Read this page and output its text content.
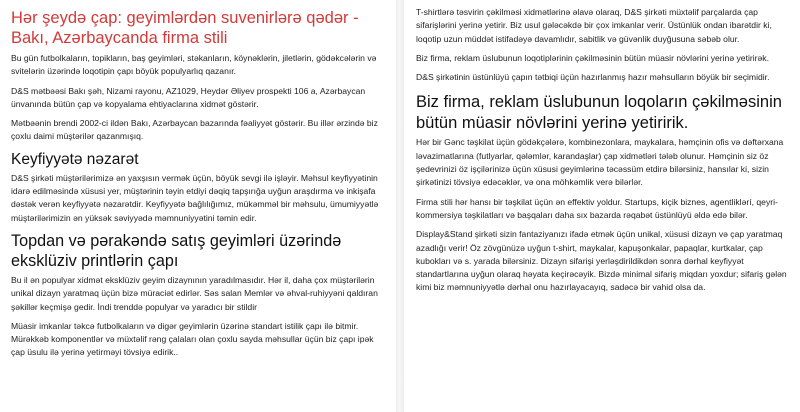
Hər şeydə çap: geyimlərdən suvenirlərə qədər - Bakı, Azərbaycanda firma stili

Bu gün futbolkaların, topikların, baş geyimləri, stəkanların, köynəklərin, jiletlərin, gödəkcələrin və svitelərin üzərində loqotipin çapı böyük populyarlıq qazanır.

D&S mətbəəsi Bakı şəh, Nizami rayonu, AZ1029, Heydər Əliyev prospekti 106 a, Azərbaycan ünvanında bütün çap və kopyalama ehtiyaclarına xidmət göstərir.

Mətbəənin brendi 2002-ci ildən Bakı, Azərbaycan bazarında fəaliyyət göstərir. Bu illər ərzində biz çoxlu daimi müştərilər qazanmışıq.

Keyfiyyətə nəzarət

D&S şirkəti müştərilərimizə ən yaxşısın vermək üçün, böyük sevgi ilə işləyir. Məhsul keyfiyyətinin idarə edilməsində xüsusi yer, müştərinin təyin etdiyi dəqiq tapşırığa uyğun araşdırma və inkişafa dəstək verən keyfiyyətə nəzarətdir. Keyfiyyətə bağlılığımız, mükəmməl bir məhsulu, ümumiyyətlə müştərilərimizin ən yüksək səviyyədə məmnuniyyətini təmin edir.

Topdan və pərakəndə satış geyimləri üzərində eksklüziv printlərin çapı

Bu il ən populyar xidmət eksklüziv geyim dizaynının yaradılmasıdır. Hər il, daha çox müştərilərin unikal dizayn yaratmaq üçün bizə müraciət edirlər. Səs salan Memlər və əhval-ruhiyyəni qaldıran şəkillər keçmişə gedir. İndi trenddə populyar və yaradıcı bir stildir

Müasir imkanlar təkcə futbolkaların və digər geyimlərin üzərinə standart istilik çapı ilə bitmir. Mürəkkəb komponentlər və müxtəlif rəng çalaları olan çoxlu sayda məhsullar üçün biz çapı ipək çap üsulu ilə yerinə yetirməyi tövsiyə edirik..

T-shirtlərə təsvirin çəkilməsi xidmətlərinə əlavə olaraq, D&S şirkəti müxtəlif parçalarda çap sifarişlərini yerinə yetirir. Biz usul gələcəkdə bir çox imkanlar verir. Üstünlük ondan ibarətdir ki, loqotip uzun müddət istifadəyə davamlıdır, sabitlik və güvənlik duyğusuna səbəb olur.

Biz firma, reklam üslubunun loqotiplərinin çəkilməsinin bütün müasir növlərini yerinə yetirirək.

D&S şirkətinin üstünlüyü çapın tətbiqi üçün hazırlanmış hazır məhsulların böyük bir seçimidir.

Biz firma, reklam üslubunun loqoların çəkilməsinin bütün müasir növlərini yerinə yetiririk.

Hər bir Gənc təşkilat üçün gödəkçələrə, kombinezonlara, maykalara, həmçinin ofis və dəftərxana ləvazimatlarına (futlyarlar, qələmlər, karandaşlar) çap xidmətləri tələb olunur. Həmçinin siz öz şedevrinizi öz işçilərinizə üçün xüsusi geyimlərinə təcəssüm etdirə bilərsiniz, hansılar ki, sizin şirkətinizi tövsiyə edəcəklər, və ona möhkəmlik verə bilərlər.

Firma stili hər hansı bir təşkilat üçün ən effektiv yoldur. Startups, kiçik biznes, agentliklərí, qeyri-kommersiya təşkilatları və başqaları daha sıx bazarda rəqabət üstünlüyü əldə edə bilər.

Display&Stand şirkəti sizin fantaziyanızı ifadə etmək üçün unikal, xüsusi dizayn və çap yaratmaq azadlığı verir! Öz zövgünüzə uyğun t-shirt, maykalar, kapuşonkalar, papaqlar, kurtkalar, çap kubokları və s. yarada bilərsiniz. Dizayn sifarişi yerləşdirildikdən sonra dərhal keyfiyyət standartlarına uyğun olaraq həyata keçirəcəyik. Bizdə minimal sifariş miqdarı yoxdur; sifariş gələn kimi biz məmnuniyyətlə dərhal onu hazırlayacayıq, sadəcə bir vahid olsa da.
